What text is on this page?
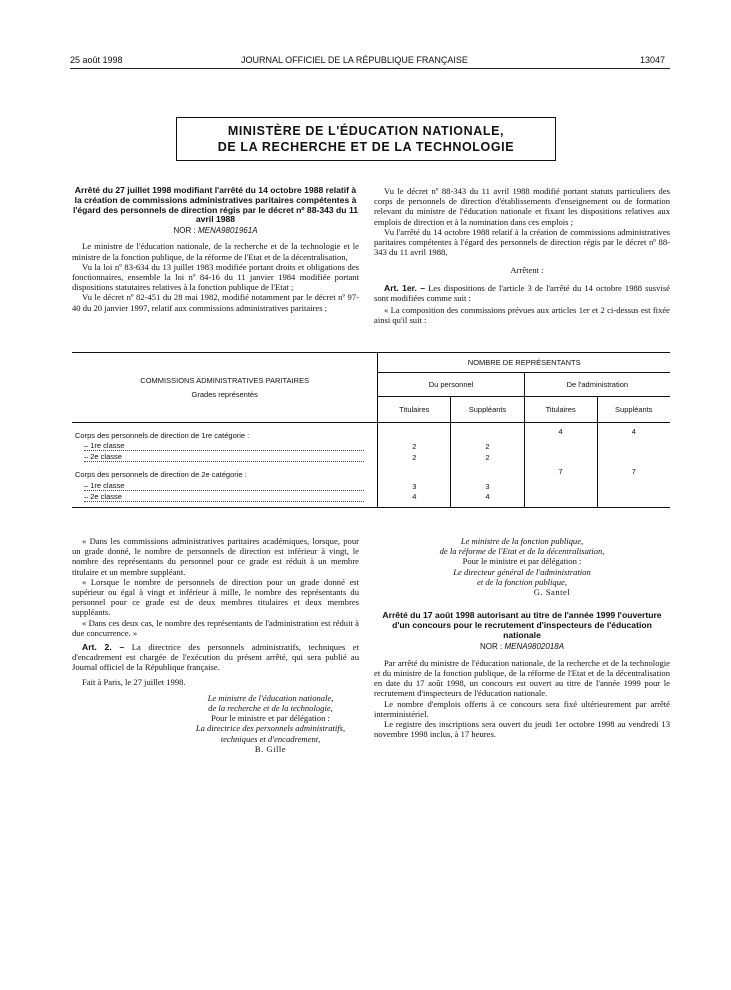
25 août 1998	JOURNAL OFFICIEL DE LA RÉPUBLIQUE FRANÇAISE	13047
MINISTÈRE DE L'ÉDUCATION NATIONALE,
DE LA RECHERCHE ET DE LA TECHNOLOGIE
Arrêté du 27 juillet 1998 modifiant l'arrêté du 14 octobre 1988 relatif à la création de commissions administratives paritaires compétentes à l'égard des personnels de direction régis par le décret nº 88-343 du 11 avril 1988
NOR : MENA9801961A

Le ministre de l'éducation nationale, de la recherche et de la technologie et le ministre de la fonction publique, de la réforme de l'Etat et de la décentralisation,

Vu la loi nº 83-634 du 13 juillet 1983 modifiée portant droits et obligations des fonctionnaires, ensemble la loi nº 84-16 du 11 janvier 1984 modifiée portant dispositions statutaires relatives à la fonction publique de l'Etat ;

Vu le décret nº 82-451 du 28 mai 1982, modifié notamment par le décret nº 97-40 du 20 janvier 1997, relatif aux commissions administratives paritaires ;

Vu le décret nº 88-343 du 11 avril 1988 modifié portant statuts particuliers des corps de personnels de direction d'établissements d'enseignement ou de formation relevant du ministre de l'éducation nationale et fixant les dispositions relatives aux emplois de direction et à la nomination dans ces emplois ;

Vu l'arrêté du 14 octobre 1988 relatif à la création de commissions administratives paritaires compétentes à l'égard des personnels de direction régis par le décret nº 88-343 du 11 avril 1988,

Arrêtent :

Art. 1er. – Les dispositions de l'article 3 de l'arrêté du 14 octobre 1988 susvisé sont modifiées comme suit :

« La composition des commissions prévues aux articles 1er et 2 ci-dessus est fixée ainsi qu'il suit :

COMMISSIONS ADMINISTRATIVES PARITAIRES
Grades représentés	NOMBRE DE REPRÉSENTANTS			
	Du personnel		De l'administration	
	Titulaires	Suppléants	Titulaires	Suppléants
Corps des personnels de direction de 1re catégorie :			4	4
– 1re classe	2	2		
– 2e classe	2	2		
Corps des personnels de direction de 2e catégorie :			7	7
– 1re classe	3	3		
– 2e classe	4	4		

« Dans les commissions administratives paritaires académiques, lorsque, pour un grade donné, le nombre de personnels de direction est inférieur à vingt, le nombre des représentants du personnel pour ce grade est réduit à un membre titulaire et un membre suppléant.

« Lorsque le nombre de personnels de direction pour un grade donné est supérieur ou égal à vingt et inférieur à mille, le nombre des représentants du personnel pour ce grade est de deux membres titulaires et deux membres suppléants.

« Dans ces deux cas, le nombre des représentants de l'administration est réduit à due concurrence. »

Art. 2. – La directrice des personnels administratifs, techniques et d'encadrement est chargée de l'exécution du présent arrêté, qui sera publié au Journal officiel de la République française.

Fait à Paris, le 27 juillet 1998.

Le ministre de l'éducation nationale,
de la recherche et de la technologie,
Pour le ministre et par délégation :
La directrice des personnels administratifs,
techniques et d'encadrement,
B. Gille
Le ministre de la fonction publique,
de la réforme de l'Etat et de la décentralisation,
Pour le ministre et par délégation :
Le directeur général de l'administration
et de la fonction publique,
G. Santel
Arrêté du 17 août 1998 autorisant au titre de l'année 1999 l'ouverture d'un concours pour le recrutement d'inspecteurs de l'éducation nationale
NOR : MENA9802018A

Par arrêté du ministre de l'éducation nationale, de la recherche et de la technologie et du ministre de la fonction publique, de la réforme de l'Etat et de la décentralisation en date du 17 août 1998, un concours est ouvert au titre de l'année 1999 pour le recrutement d'inspecteurs de l'éducation nationale.

Le nombre d'emplois offerts à ce concours sera fixé ultérieurement par arrêté interministériel.

Le registre des inscriptions sera ouvert du jeudi 1er octobre 1998 au vendredi 13 novembre 1998 inclus, à 17 heures.
